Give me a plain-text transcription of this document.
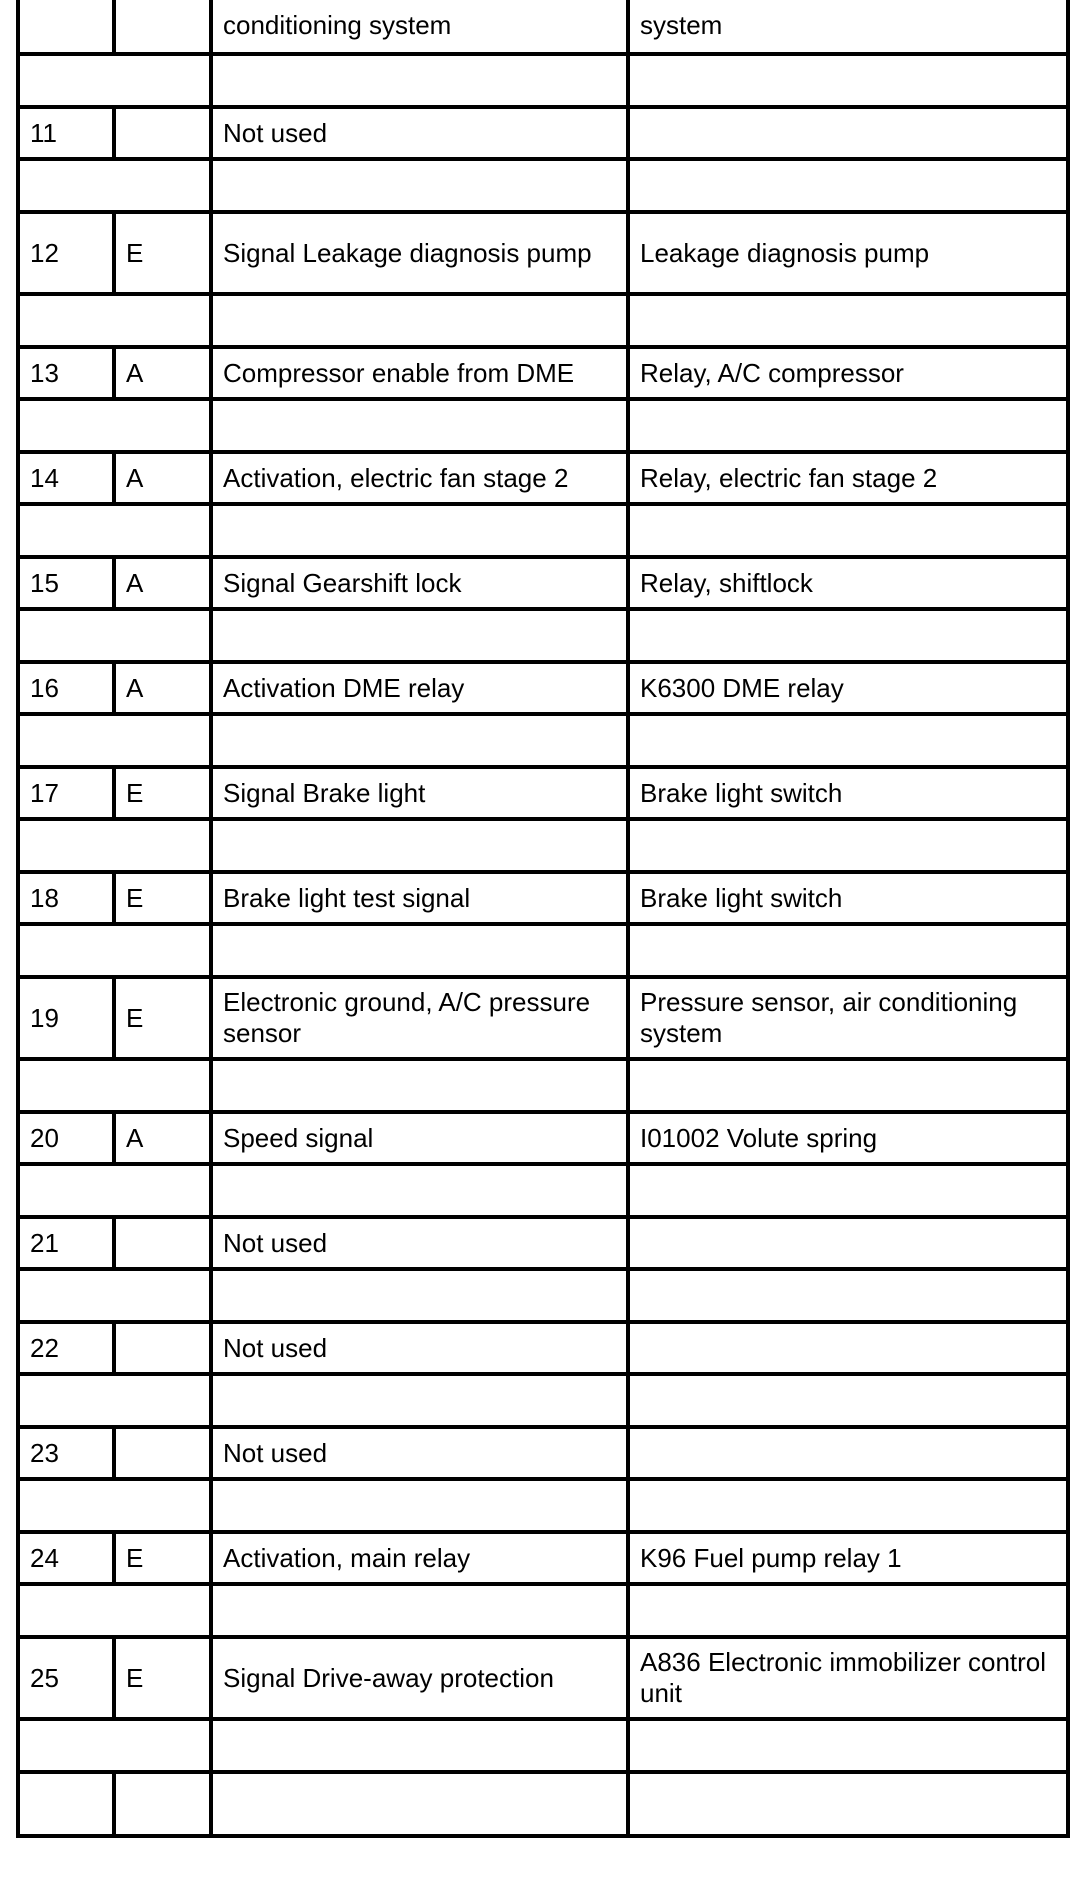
		conditioning system	system

11		Not used	

12	E	Signal Leakage diagnosis pump	Leakage diagnosis pump

13	A	Compressor enable from DME	Relay, A/C compressor

14	A	Activation, electric fan stage 2	Relay, electric fan stage 2

15	A	Signal Gearshift lock	Relay, shiftlock

16	A	Activation DME relay	K6300 DME relay

17	E	Signal Brake light	Brake light switch

18	E	Brake light test signal	Brake light switch

19	E	Electronic ground, A/C pressure sensor	Pressure sensor, air conditioning system

20	A	Speed signal	I01002 Volute spring

21		Not used	

22		Not used	

23		Not used	

24	E	Activation, main relay	K96 Fuel pump relay 1

25	E	Signal Drive-away protection	A836 Electronic immobilizer control unit
